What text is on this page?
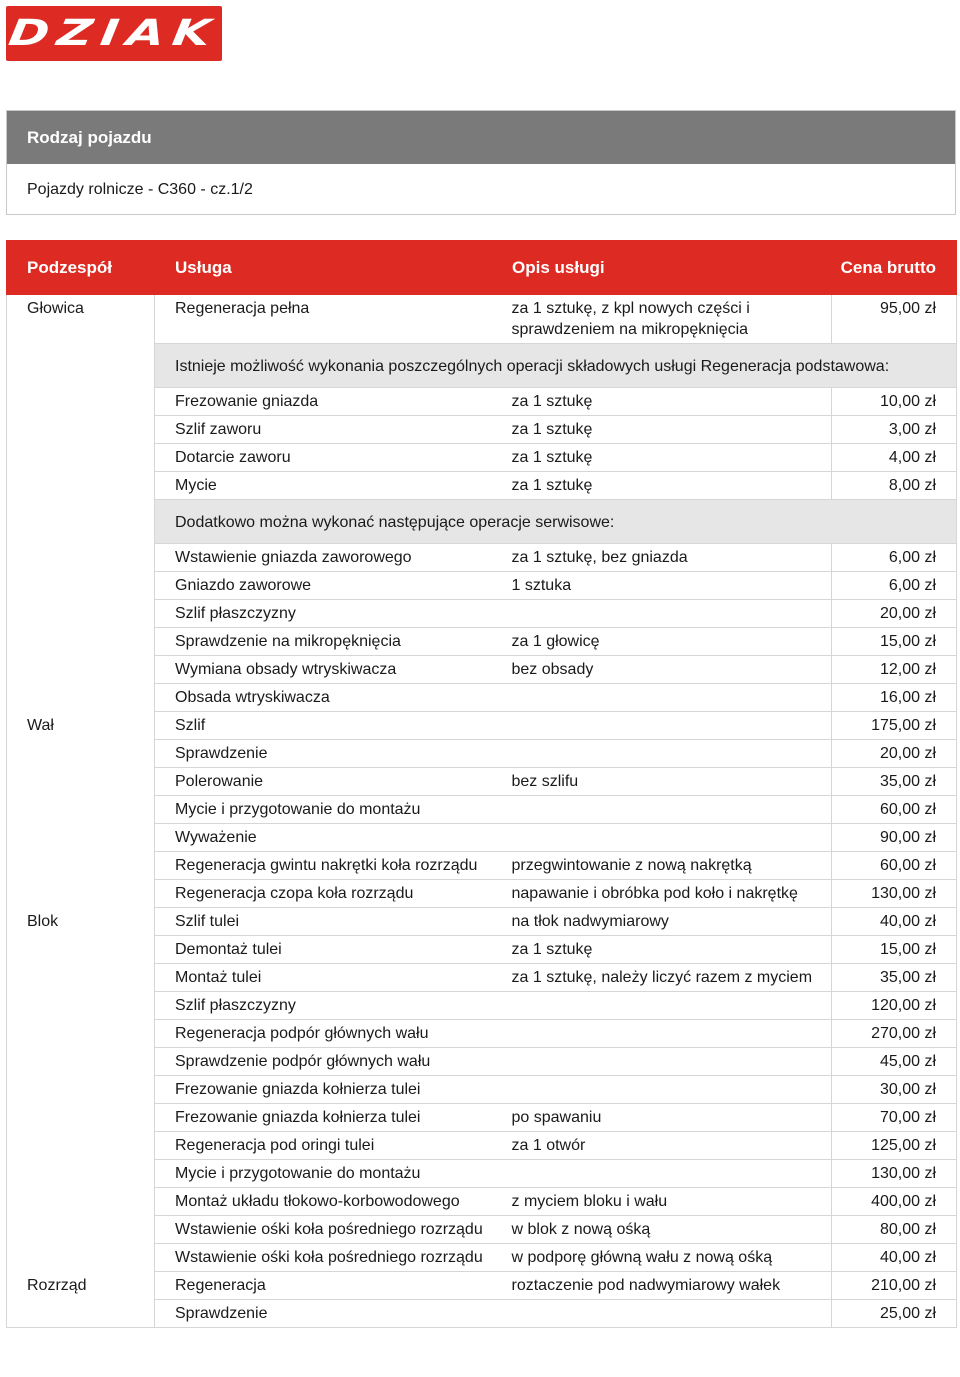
DZIAK
Rodzaj pojazdu
Pojazdy rolnicze - C360 - cz.1/2
Podzespół	Usługa	Opis usługi	Cena brutto
Głowica	Regeneracja pełna	za 1 sztukę, z kpl nowych części i sprawdzeniem na mikropęknięcia	95,00 zł
	Istnieje możliwość wykonania poszczególnych operacji składowych usługi Regeneracja podstawowa:		
	Frezowanie gniazda	za 1 sztukę	10,00 zł
	Szlif zaworu	za 1 sztukę	3,00 zł
	Dotarcie zaworu	za 1 sztukę	4,00 zł
	Mycie	za 1 sztukę	8,00 zł
	Dodatkowo można wykonać następujące operacje serwisowe:		
	Wstawienie gniazda zaworowego	za 1 sztukę, bez gniazda	6,00 zł
	Gniazdo zaworowe	1 sztuka	6,00 zł
	Szlif płaszczyzny		20,00 zł
	Sprawdzenie na mikropęknięcia	za 1 głowicę	15,00 zł
	Wymiana obsady wtryskiwacza	bez obsady	12,00 zł
	Obsada wtryskiwacza		16,00 zł
Wał	Szlif		175,00 zł
	Sprawdzenie		20,00 zł
	Polerowanie	bez szlifu	35,00 zł
	Mycie i przygotowanie do montażu		60,00 zł
	Wyważenie		90,00 zł
	Regeneracja gwintu nakrętki koła rozrządu	przegwintowanie z nową nakrętką	60,00 zł
	Regeneracja czopa koła rozrządu	napawanie i obróbka pod koło i nakrętkę	130,00 zł
Blok	Szlif tulei	na tłok nadwymiarowy	40,00 zł
	Demontaż tulei	za 1 sztukę	15,00 zł
	Montaż tulei	za 1 sztukę, należy liczyć razem z myciem	35,00 zł
	Szlif płaszczyzny		120,00 zł
	Regeneracja podpór głównych wału		270,00 zł
	Sprawdzenie podpór głównych wału		45,00 zł
	Frezowanie gniazda kołnierza tulei		30,00 zł
	Frezowanie gniazda kołnierza tulei	po spawaniu	70,00 zł
	Regeneracja pod oringi tulei	za 1 otwór	125,00 zł
	Mycie i przygotowanie do montażu		130,00 zł
	Montaż układu tłokowo-korbowodowego	z myciem bloku i wału	400,00 zł
	Wstawienie ośki koła pośredniego rozrządu	w blok z nową ośką	80,00 zł
	Wstawienie ośki koła pośredniego rozrządu	w podporę główną wału z nową ośką	40,00 zł
Rozrząd	Regeneracja	roztaczenie pod nadwymiarowy wałek	210,00 zł
	Sprawdzenie		25,00 zł
